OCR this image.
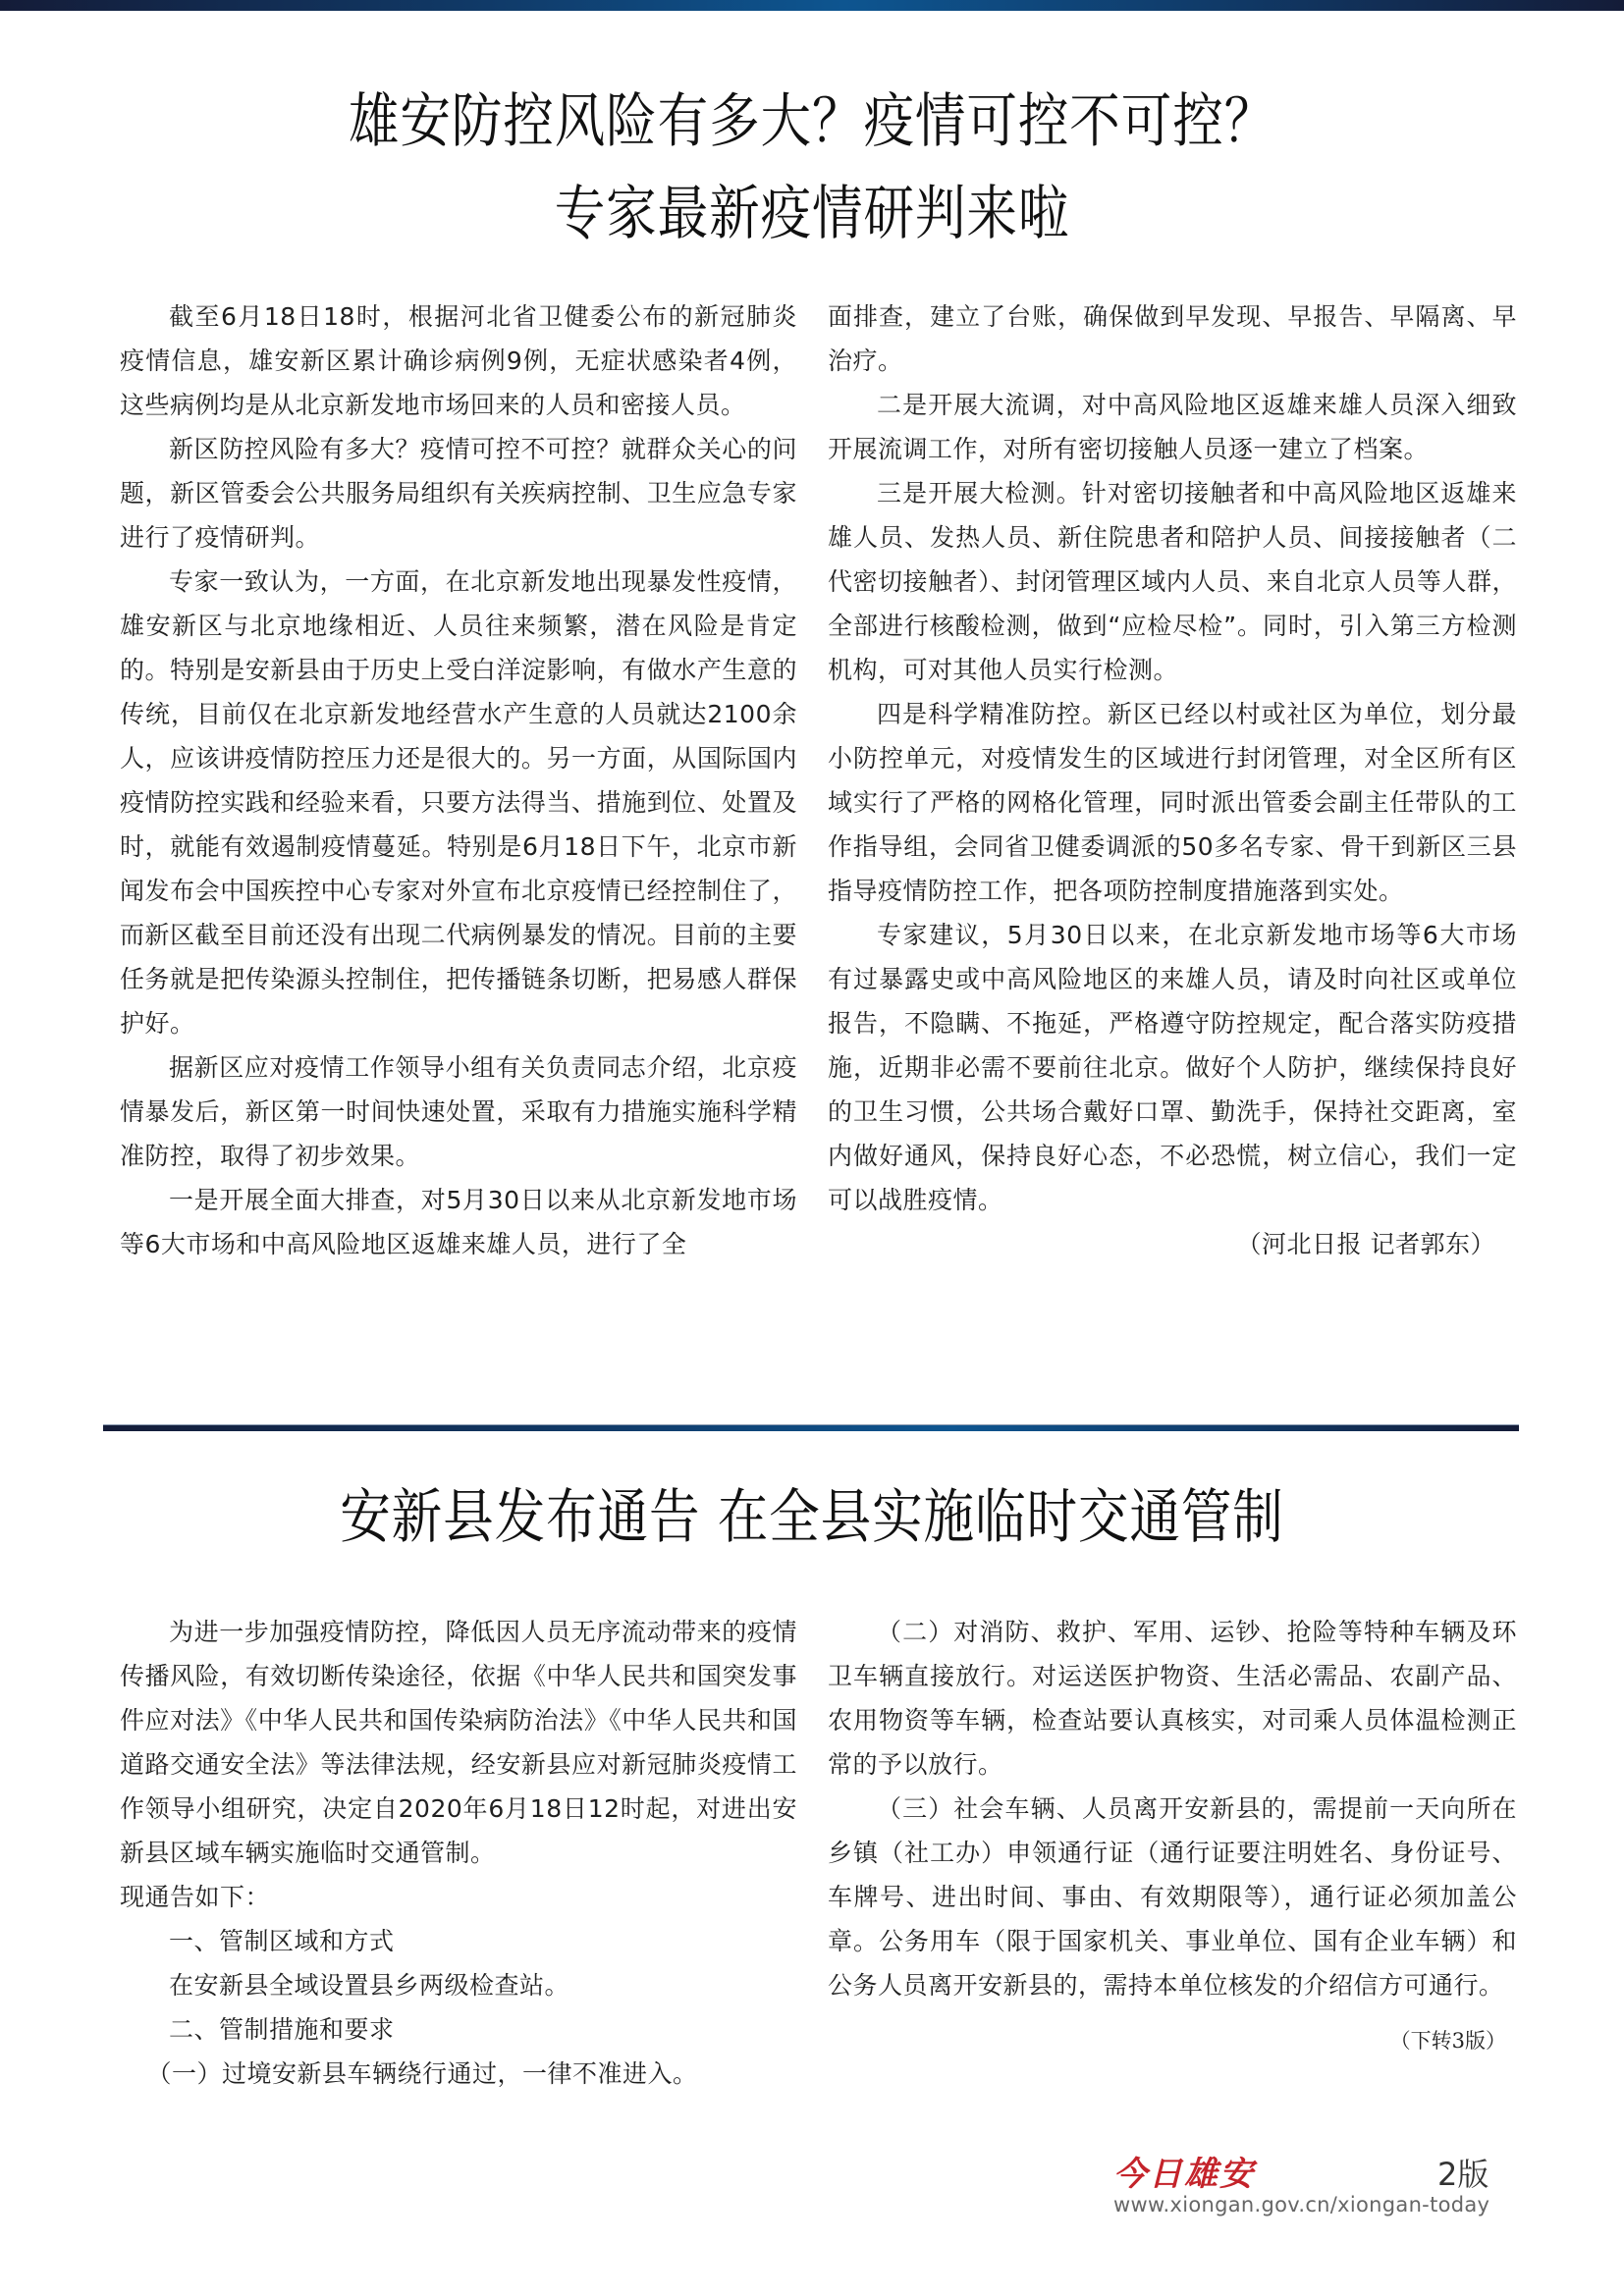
雄安防控风险有多大？疫情可控不可控？
专家最新疫情研判来啦

截至6月18日18时，根据河北省卫健委公布的新冠肺炎疫情信息，雄安新区累计确诊病例9例，无症状感染者4例，这些病例均是从北京新发地市场回来的人员和密接人员。

新区防控风险有多大？疫情可控不可控？就群众关心的问题，新区管委会公共服务局组织有关疾病控制、卫生应急专家进行了疫情研判。

专家一致认为，一方面，在北京新发地出现暴发性疫情，雄安新区与北京地缘相近、人员往来频繁，潜在风险是肯定的。特别是安新县由于历史上受白洋淀影响，有做水产生意的传统，目前仅在北京新发地经营水产生意的人员就达2100余人，应该讲疫情防控压力还是很大的。另一方面，从国际国内疫情防控实践和经验来看，只要方法得当、措施到位、处置及时，就能有效遏制疫情蔓延。特别是6月18日下午，北京市新闻发布会中国疾控中心专家对外宣布北京疫情已经控制住了，而新区截至目前还没有出现二代病例暴发的情况。目前的主要任务就是把传染源头控制住，把传播链条切断，把易感人群保护好。

据新区应对疫情工作领导小组有关负责同志介绍，北京疫情暴发后，新区第一时间快速处置，采取有力措施实施科学精准防控，取得了初步效果。

一是开展全面大排查，对5月30日以来从北京新发地市场等6大市场和中高风险地区返雄来雄人员，进行了全

面排查，建立了台账，确保做到早发现、早报告、早隔离、早治疗。

二是开展大流调，对中高风险地区返雄来雄人员深入细致开展流调工作，对所有密切接触人员逐一建立了档案。

三是开展大检测。针对密切接触者和中高风险地区返雄来雄人员、发热人员、新住院患者和陪护人员、间接接触者（二代密切接触者）、封闭管理区域内人员、来自北京人员等人群，全部进行核酸检测，做到“应检尽检”。同时，引入第三方检测机构，可对其他人员实行检测。

四是科学精准防控。新区已经以村或社区为单位，划分最小防控单元，对疫情发生的区域进行封闭管理，对全区所有区域实行了严格的网格化管理，同时派出管委会副主任带队的工作指导组，会同省卫健委调派的50多名专家、骨干到新区三县指导疫情防控工作，把各项防控制度措施落到实处。

专家建议，5月30日以来，在北京新发地市场等6大市场有过暴露史或中高风险地区的来雄人员，请及时向社区或单位报告，不隐瞒、不拖延，严格遵守防控规定，配合落实防疫措施，近期非必需不要前往北京。做好个人防护，继续保持良好的卫生习惯，公共场合戴好口罩、勤洗手，保持社交距离，室内做好通风，保持良好心态，不必恐慌，树立信心，我们一定可以战胜疫情。

（河北日报 记者郭东）

安新县发布通告 在全县实施临时交通管制

为进一步加强疫情防控，降低因人员无序流动带来的疫情传播风险，有效切断传染途径，依据《中华人民共和国突发事件应对法》《中华人民共和国传染病防治法》《中华人民共和国道路交通安全法》等法律法规，经安新县应对新冠肺炎疫情工作领导小组研究，决定自2020年6月18日12时起，对进出安新县区域车辆实施临时交通管制。

现通告如下：

一、管制区域和方式

在安新县全域设置县乡两级检查站。

二、管制措施和要求

（一）过境安新县车辆绕行通过，一律不准进入。

（二）对消防、救护、军用、运钞、抢险等特种车辆及环卫车辆直接放行。对运送医护物资、生活必需品、农副产品、农用物资等车辆，检查站要认真核实，对司乘人员体温检测正常的予以放行。

（三）社会车辆、人员离开安新县的，需提前一天向所在乡镇（社工办）申领通行证（通行证要注明姓名、身份证号、车牌号、进出时间、事由、有效期限等），通行证必须加盖公章。公务用车（限于国家机关、事业单位、国有企业车辆）和公务人员离开安新县的，需持本单位核发的介绍信方可通行。

（下转3版）
今日雄安	2版
www.xiongan.gov.cn/xiongan-today
